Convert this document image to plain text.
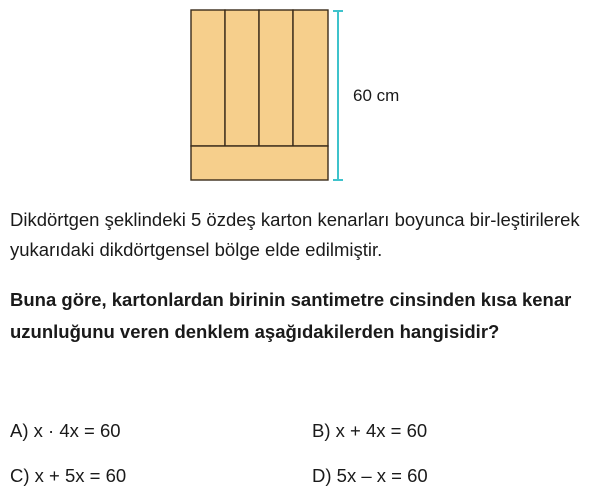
60 cm

Dikdörtgen şeklindeki 5 özdeş karton kenarları boyunca bir-leştirilerek yukarıdaki dikdörtgensel bölge elde edilmiştir.

Buna göre, kartonlardan birinin santimetre cinsinden kısa kenar uzunluğunu veren denklem aşağıdakilerden hangisidir?

A) x · 4x = 60	B) x + 4x = 60
C) x + 5x = 60	D) 5x – x = 60
